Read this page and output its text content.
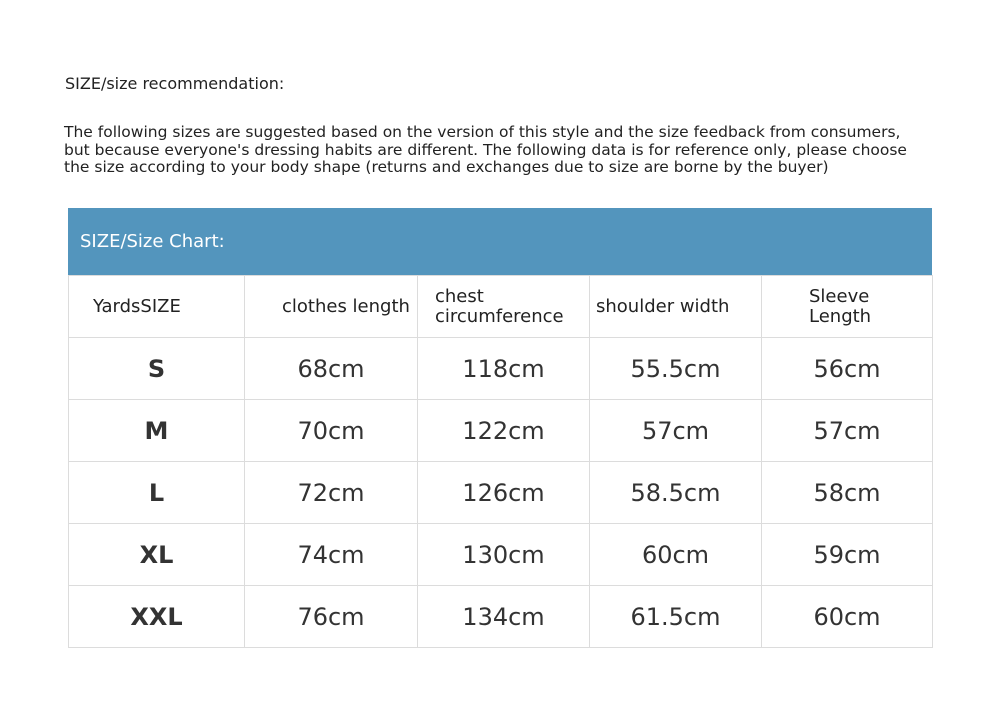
SIZE/size recommendation:
The following sizes are suggested based on the version of this style and the size feedback from consumers,
but because everyone's dressing habits are different. The following data is for reference only, please choose
the size according to your body shape (returns and exchanges due to size are borne by the buyer)
SIZE/Size Chart:
YardsSIZE	clothes length	chest circumference	shoulder width	Sleeve Length
S	68cm	118cm	55.5cm	56cm
M	70cm	122cm	57cm	57cm
L	72cm	126cm	58.5cm	58cm
XL	74cm	130cm	60cm	59cm
XXL	76cm	134cm	61.5cm	60cm
